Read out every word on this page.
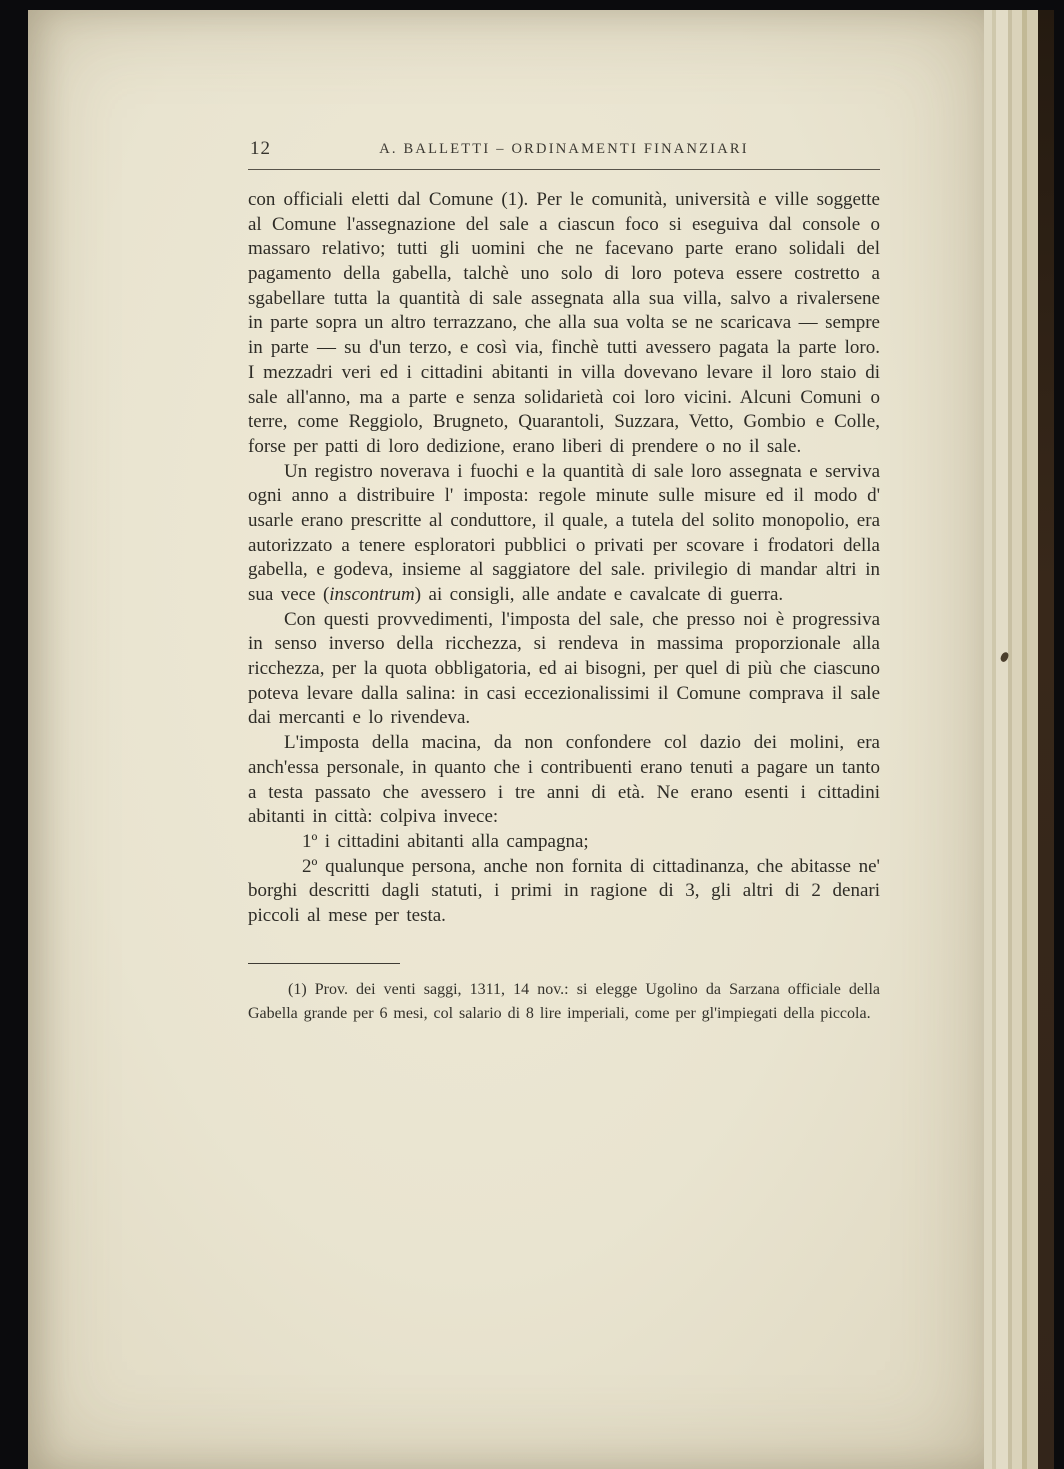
12	A. BALLETTI – ORDINAMENTI FINANZIARI

con officiali eletti dal Comune (1). Per le comunità, università e ville soggette al Comune l'assegnazione del sale a ciascun foco si eseguiva dal console o massaro relativo; tutti gli uomini che ne facevano parte erano solidali del pagamento della gabella, talchè uno solo di loro poteva essere costretto a sgabellare tutta la quantità di sale assegnata alla sua villa, salvo a rivalersene in parte sopra un altro terrazzano, che alla sua volta se ne scaricava — sempre in parte — su d'un terzo, e così via, finchè tutti avessero pagata la parte loro. I mezzadri veri ed i cittadini abitanti in villa dovevano levare il loro staio di sale all'anno, ma a parte e senza solidarietà coi loro vicini. Alcuni Comuni o terre, come Reggiolo, Brugneto, Quarantoli, Suzzara, Vetto, Gombio e Colle, forse per patti di loro dedizione, erano liberi di prendere o no il sale.

Un registro noverava i fuochi e la quantità di sale loro assegnata e serviva ogni anno a distribuire l' imposta: regole minute sulle misure ed il modo d' usarle erano prescritte al conduttore, il quale, a tutela del solito monopolio, era autorizzato a tenere esploratori pubblici o privati per scovare i frodatori della gabella, e godeva, insieme al saggiatore del sale. privilegio di mandar altri in sua vece (inscontrum) ai consigli, alle andate e cavalcate di guerra.

Con questi provvedimenti, l'imposta del sale, che presso noi è progressiva in senso inverso della ricchezza, si rendeva in massima proporzionale alla ricchezza, per la quota obbligatoria, ed ai bisogni, per quel di più che ciascuno poteva levare dalla salina: in casi eccezionalissimi il Comune comprava il sale dai mercanti e lo rivendeva.

L'imposta della macina, da non confondere col dazio dei molini, era anch'essa personale, in quanto che i contribuenti erano tenuti a pagare un tanto a testa passato che avessero i tre anni di età. Ne erano esenti i cittadini abitanti in città: colpiva invece:

1º i cittadini abitanti alla campagna;

2º qualunque persona, anche non fornita di cittadinanza, che abitasse ne' borghi descritti dagli statuti, i primi in ragione di 3, gli altri di 2 denari piccoli al mese per testa.

(1) Prov. dei venti saggi, 1311, 14 nov.: si elegge Ugolino da Sarzana officiale della Gabella grande per 6 mesi, col salario di 8 lire imperiali, come per gl'impiegati della piccola.
